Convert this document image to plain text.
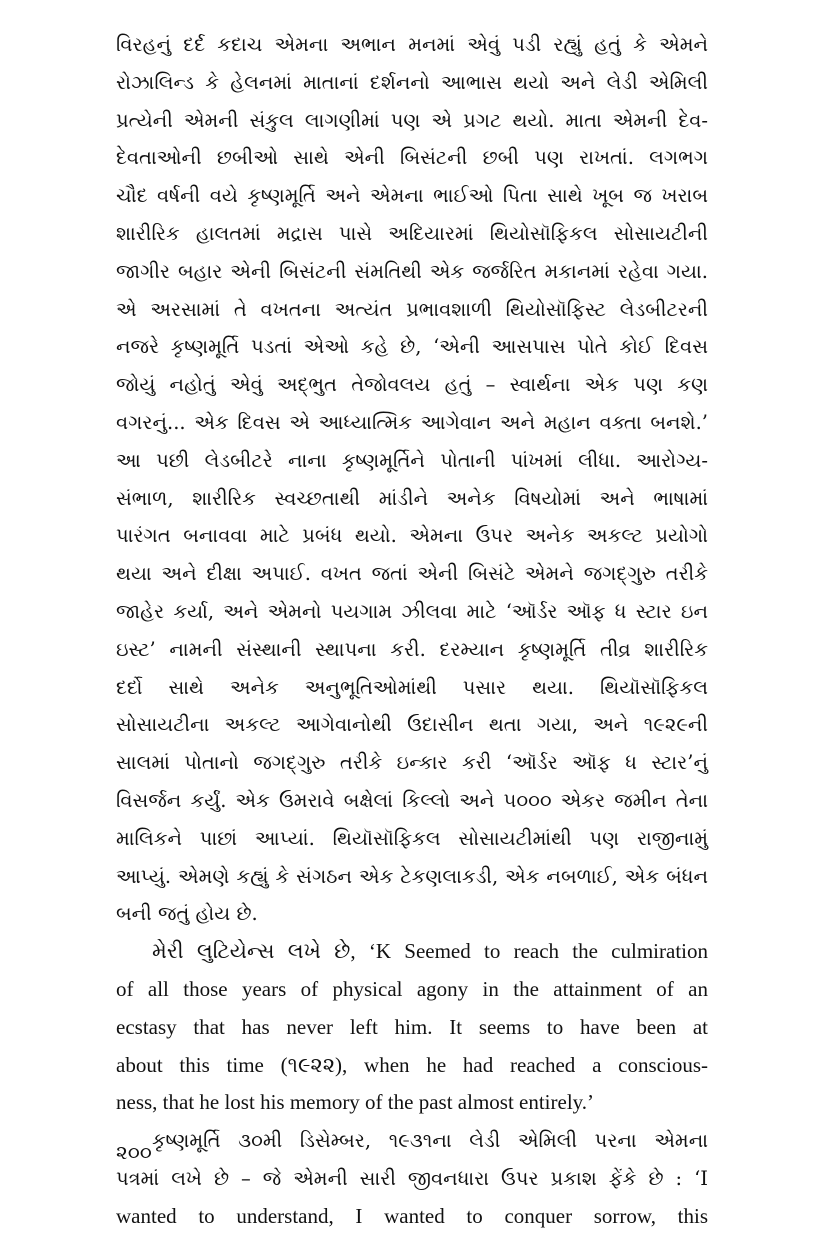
વિરહનું દર્દ કદાચ એમના અભાન મનમાં એવું પડી રહ્યું હતું કે એમને
રોઝાલિન્ડ કે હેલનમાં માતાનાં દર્શનનો આભાસ થયો અને લેડી એમિલી
પ્રત્યેની એમની સંકુલ લાગણીમાં પણ એ પ્રગટ થયો. માતા એમની દેવ-
દેવતાઓની છબીઓ સાથે એની બિસંટની છબી પણ રાખતાં. લગભગ
ચૌદ વર્ષની વયે કૃષ્ણમૂર્તિ અને એમના ભાઈઓ પિતા સાથે ખૂબ જ ખરાબ
શારીરિક હાલતમાં મદ્રાસ પાસે અદિયારમાં થિયોસૉફિકલ સોસાયટીની
જાગીર બહાર એની બિસંટની સંમતિથી એક જર્જરિત મકાનમાં રહેવા ગયા.
એ અરસામાં તે વખતના અત્યંત પ્રભાવશાળી થિયોસૉફિસ્ટ લેડબીટરની
નજરે કૃષ્ણમૂર્તિ પડતાં એઓ કહે છે, ‘એની આસપાસ પોતે કોઈ દિવસ
જોયું નહોતું એવું અદ્‌ભુત તેજોવલય હતું – સ્વાર્થના એક પણ કણ
વગરનું... એક દિવસ એ આધ્યાત્મિક આગેવાન અને મહાન વક્તા બનશે.’
આ પછી લેડબીટરે નાના કૃષ્ણમૂર્તિને પોતાની પાંખમાં લીધા. આરોગ્ય-
સંભાળ, શારીરિક સ્વચ્છતાથી માંડીને અનેક વિષયોમાં અને ભાષામાં
પારંગત બનાવવા માટે પ્રબંધ થયો. એમના ઉપર અનેક અકલ્ટ પ્રયોગો
થયા અને દીક્ષા અપાઈ. વખત જતાં એની બિસંટે એમને જગદ્‌ગુરુ તરીકે
જાહેર કર્યા, અને એમનો પયગામ ઝીલવા માટે ‘ઑર્ડર ઑફ ધ સ્ટાર ઇન
ઇસ્ટ’ નામની સંસ્થાની સ્થાપના કરી. દરમ્યાન કૃષ્ણમૂર્તિ તીવ્ર શારીરિક
દર્દો સાથે અનેક અનુભૂતિઓમાંથી પસાર થયા. થિયૉસૉફિકલ
સોસાયટીના અકલ્ટ આગેવાનોથી ઉદાસીન થતા ગયા, અને ૧૯૨૯ની
સાલમાં પોતાનો જગદ્‌ગુરુ તરીકે ઇન્કાર કરી ‘ઑર્ડર ઑફ ધ સ્ટાર’નું
વિસર્જન કર્યું. એક ઉમરાવે બક્ષેલાં કિલ્લો અને ૫૦૦૦ એકર જમીન તેના
માલિકને પાછાં આપ્યાં. થિયૉસૉફિકલ સોસાયટીમાંથી પણ રાજીનામું
આપ્યું. એમણે કહ્યું કે સંગઠન એક ટેકણલાકડી, એક નબળાઈ, એક બંધન
બની જતું હોય છે.

મેરી લુટિયેન્સ લખે છે, ‘K Seemed to reach the culmiration
of all those years of physical agony in the attainment of an
ecstasy that has never left him. It seems to have been at
about this time (૧૯૨૨), when he had reached a conscious-
ness, that he lost his memory of the past almost entirely.’

કૃષ્ણમૂર્તિ ૩૦મી ડિસેમ્બર, ૧૯૩૧ના લેડી એમિલી પરના એમના
પત્રમાં લખે છે – જે એમની સારી જીવનધારા ઉપર પ્રકાશ ફેંકે છે : ‘I
wanted to understand, I wanted to conquer sorrow, this

૨૦૦
